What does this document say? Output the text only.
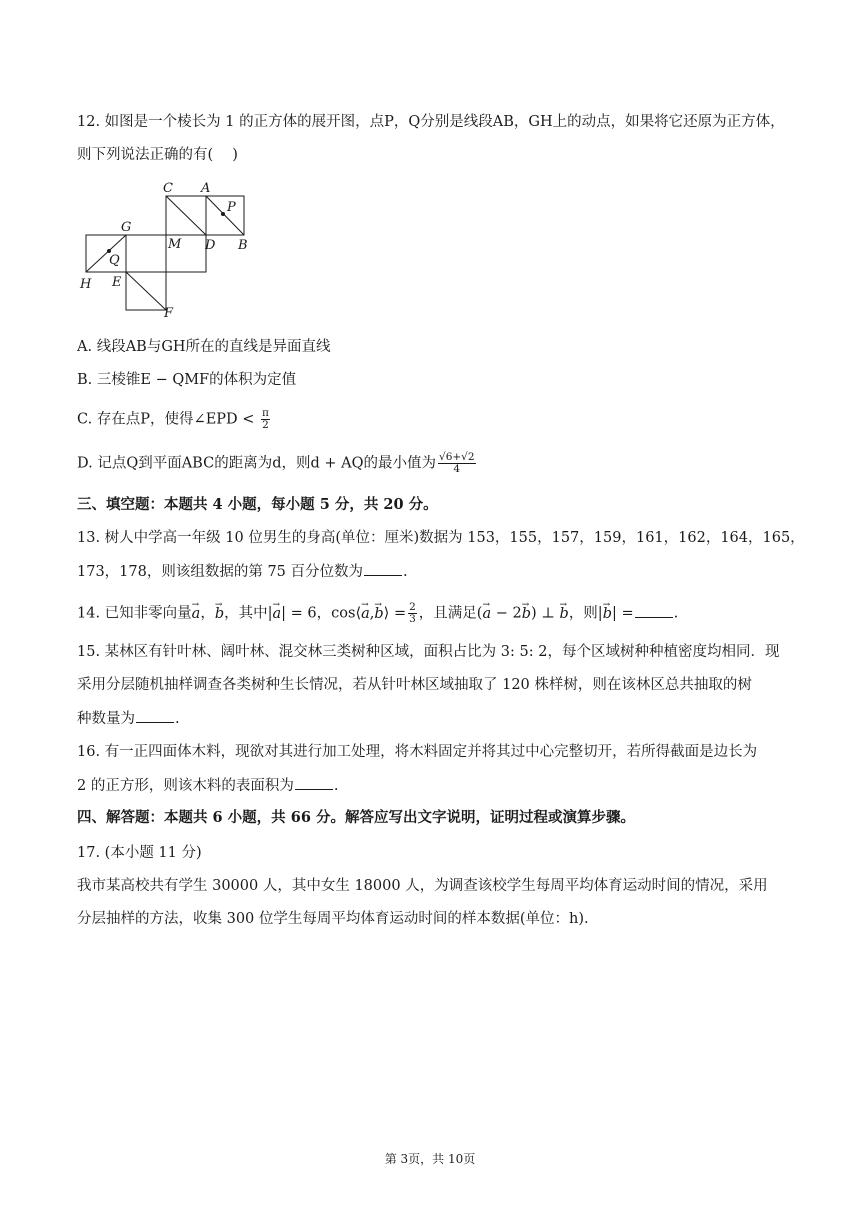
12. 如图是一个棱长为 1 的正方体的展开图，点P，Q分别是线段AB，GH上的动点，如果将它还原为正方体，
则下列说法正确的有(　 )
C A
P
G
M D B
Q
H E
F
A. 线段AB与GH所在的直线是异面直线
B. 三棱锥E − QMF的体积为定值
C. 存在点P，使得∠EPD < $\frac{\pi}{2}$
D. 记点Q到平面ABC的距离为d，则d + AQ的最小值为 $\frac{√6+√2}{4}$
三、填空题：本题共 4 小题，每小题 5 分，共 20 分。
13. 树人中学高一年级 10 位男生的身高(单位：厘米)数据为 153，155，157，159，161，162，164，165，
173，178，则该组数据的第 75 百分位数为	.
14. 已知非零向量→ a，→ b，其中|→ a| = 6，cos⟨→ a,→ b⟩ = $\frac{2}{3}$ ，且满足(→ a − 2→ b) ⊥ → b，则|→ b| =	.
15. 某林区有针叶林、阔叶林、混交林三类树种区域，面积占比为 3: 5: 2，每个区域树种种植密度均相同．现
采用分层随机抽样调查各类树种生长情况，若从针叶林区域抽取了 120 株样树，则在该林区总共抽取的树
种数量为	.
16. 有一正四面体木料，现欲对其进行加工处理，将木料固定并将其过中心完整切开，若所得截面是边长为
2 的正方形，则该木料的表面积为	.
四、解答题：本题共 6 小题，共 66 分。解答应写出文字说明，证明过程或演算步骤。
17. (本小题 11 分)
我市某高校共有学生 30000 人，其中女生 18000 人，为调查该校学生每周平均体育运动时间的情况，采用
分层抽样的方法，收集 300 位学生每周平均体育运动时间的样本数据(单位：h).
第 3页，共 10页
